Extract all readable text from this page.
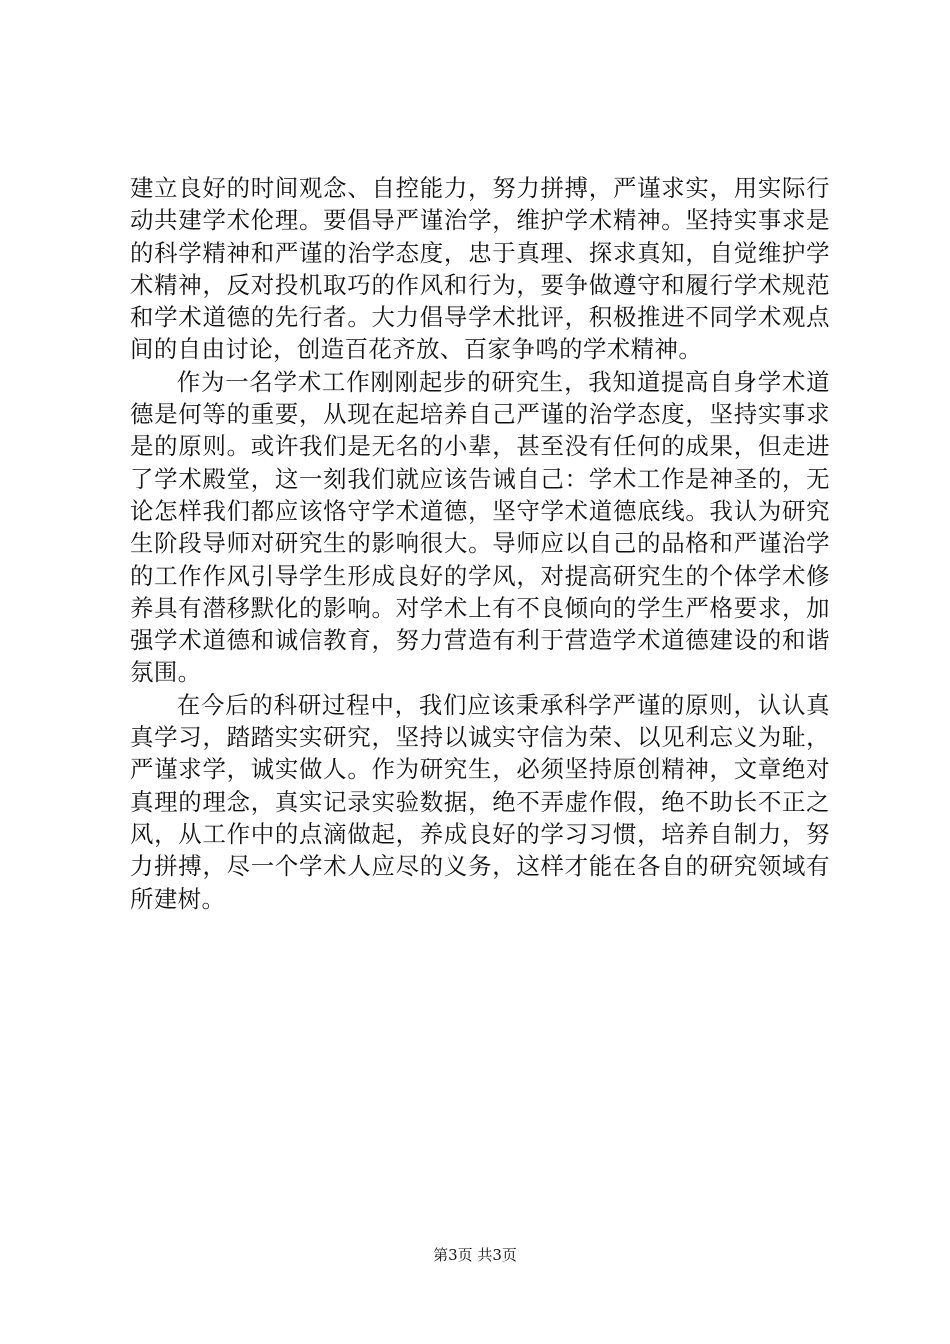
建立良好的时间观念、自控能力，努力拼搏，严谨求实，用实际行动共建学术伦理。要倡导严谨治学，维护学术精神。坚持实事求是的科学精神和严谨的治学态度，忠于真理、探求真知，自觉维护学术精神，反对投机取巧的作风和行为，要争做遵守和履行学术规范和学术道德的先行者。大力倡导学术批评，积极推进不同学术观点间的自由讨论，创造百花齐放、百家争鸣的学术精神。

作为一名学术工作刚刚起步的研究生，我知道提高自身学术道德是何等的重要，从现在起培养自己严谨的治学态度，坚持实事求是的原则。或许我们是无名的小辈，甚至没有任何的成果，但走进了学术殿堂，这一刻我们就应该告诫自己：学术工作是神圣的，无论怎样我们都应该恪守学术道德，坚守学术道德底线。我认为研究生阶段导师对研究生的影响很大。导师应以自己的品格和严谨治学的工作作风引导学生形成良好的学风，对提高研究生的个体学术修养具有潜移默化的影响。对学术上有不良倾向的学生严格要求，加强学术道德和诚信教育，努力营造有利于营造学术道德建设的和谐氛围。

在今后的科研过程中，我们应该秉承科学严谨的原则，认认真真学习，踏踏实实研究，坚持以诚实守信为荣、以见利忘义为耻，严谨求学，诚实做人。作为研究生，必须坚持原创精神，文章绝对真理的理念，真实记录实验数据，绝不弄虚作假，绝不助长不正之风，从工作中的点滴做起，养成良好的学习习惯，培养自制力，努力拼搏，尽一个学术人应尽的义务，这样才能在各自的研究领域有所建树。

第3页 共3页
